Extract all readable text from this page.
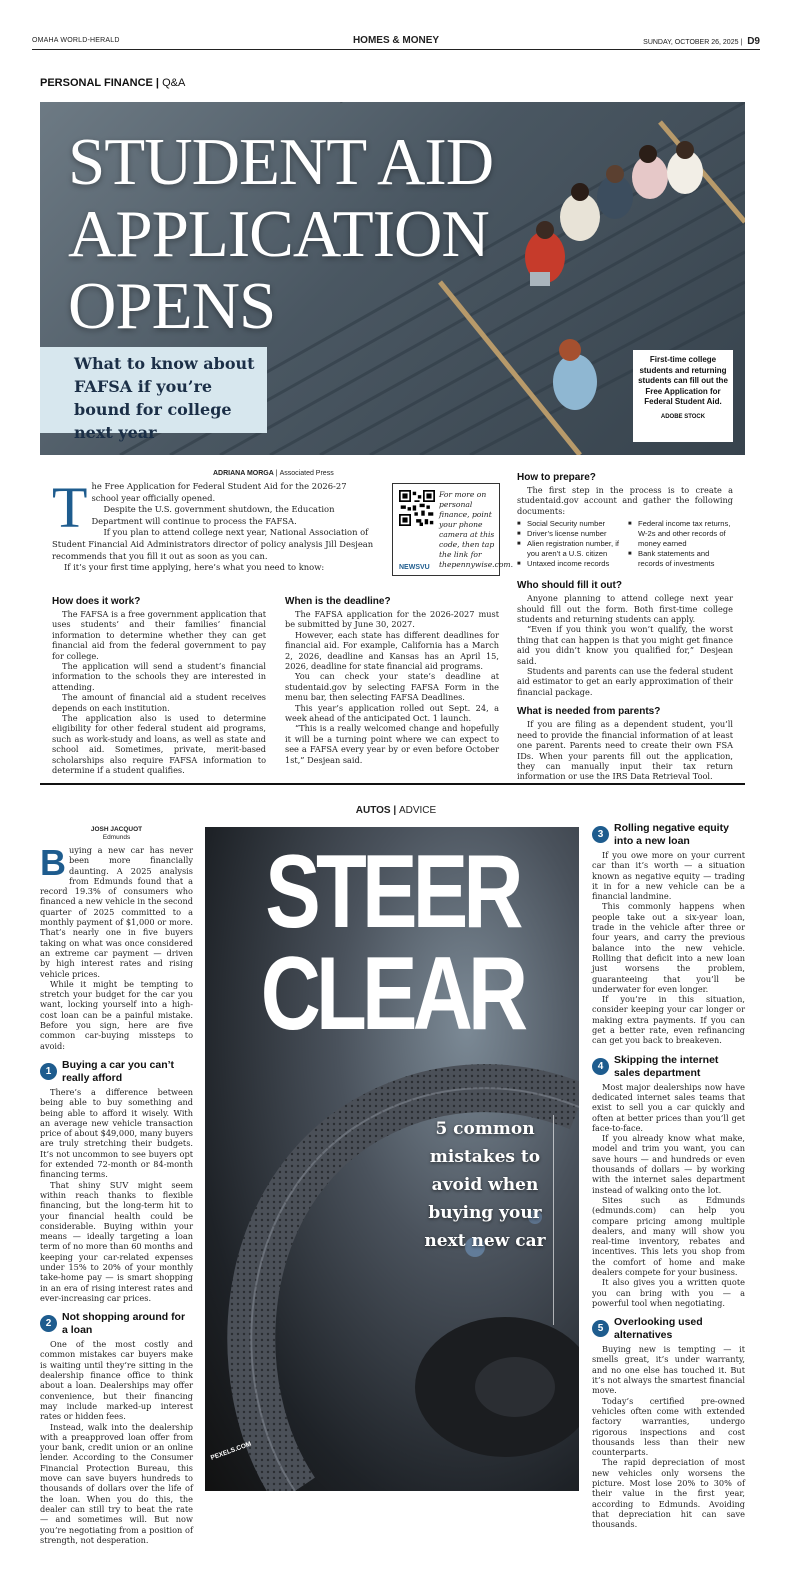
OMAHA WORLD-HERALD	HOMES & MONEY	SUNDAY, OCTOBER 26, 2025 | D9
PERSONAL FINANCE | Q&A
STUDENT AID
APPLICATION
OPENS
What to know about FAFSA if you’re bound for college next year
First-time college students and returning students can fill out the Free Application for Federal Student Aid.
ADOBE STOCK
ADRIANA MORGA | Associated Press
T he Free Application for Federal Student Aid for the 2026-27 school year officially opened.

Despite the U.S. government shutdown, the Education Department will continue to process the FAFSA.

If you plan to attend college next year, National Association of Student Financial Aid Administrators director of policy analysis Jill Desjean recommends that you fill it out as soon as you can.

If it’s your first time applying, here’s what you need to know:

For more on personal finance, point your phone camera at this code, then tap the link for thepennywise.com.
NEWSVU
How does it work?

The FAFSA is a free government application that uses students’ and their families’ financial information to determine whether they can get financial aid from the federal government to pay for college.

The application will send a student’s financial information to the schools they are interested in attending.

The amount of financial aid a student receives depends on each institution.

The application also is used to determine eligibility for other federal student aid programs, such as work-study and loans, as well as state and school aid. Sometimes, private, merit-based scholarships also require FAFSA information to determine if a student qualifies.

When is the deadline?

The FAFSA application for the 2026-2027 must be submitted by June 30, 2027.

However, each state has different deadlines for financial aid. For example, California has a March 2, 2026, deadline and Kansas has an April 15, 2026, deadline for state financial aid programs.

You can check your state’s deadline at studentaid.gov by selecting FAFSA Form in the menu bar, then selecting FAFSA Deadlines.

This year’s application rolled out Sept. 24, a week ahead of the anticipated Oct. 1 launch.

“This is a really welcomed change and hopefully it will be a turning point where we can expect to see a FAFSA every year by or even before October 1st,” Desjean said.

How to prepare?

The first step in the process is to create a studentaid.gov account and gather the following documents:

■ Social Security number
■ Driver’s license number
■ Alien registration number, if you aren’t a U.S. citizen
■ Untaxed income records
■ Federal income tax returns, W-2s and other records of money earned
■ Bank statements and records of investments
Who should fill it out?

Anyone planning to attend college next year should fill out the form. Both first-time college students and returning students can apply.

“Even if you think you won’t qualify, the worst thing that can happen is that you might get finance aid you didn’t know you qualified for,” Desjean said.

Students and parents can use the federal student aid estimator to get an early approximation of their financial package.

What is needed from parents?

If you are filing as a dependent student, you’ll need to provide the financial information of at least one parent. Parents need to create their own FSA IDs. When your parents fill out the application, they can manually input their tax return information or use the IRS Data Retrieval Tool.

AUTOS | ADVICE
JOSH JACQUOT
Edmunds
B uying a new car has never been more financially daunting. A 2025 analysis from Edmunds found that a record 19.3% of consumers who financed a new vehicle in the second quarter of 2025 committed to a monthly payment of $1,000 or more. That’s nearly one in five buyers taking on what was once considered an extreme car payment — driven by high interest rates and rising vehicle prices.

While it might be tempting to stretch your budget for the car you want, locking yourself into a high-cost loan can be a painful mistake. Before you sign, here are five common car-buying missteps to avoid:

1
Buying a car you can’t really afford

There’s a difference between being able to buy something and being able to afford it wisely. With an average new vehicle transaction price of about $49,000, many buyers are truly stretching their budgets. It’s not uncommon to see buyers opt for extended 72-month or 84-month financing terms.

That shiny SUV might seem within reach thanks to flexible financing, but the long-term hit to your financial health could be considerable. Buying within your means — ideally targeting a loan term of no more than 60 months and keeping your car-related expenses under 15% to 20% of your monthly take-home pay — is smart shopping in an era of rising interest rates and ever-increasing car prices.

2
Not shopping around for a loan

One of the most costly and common mistakes car buyers make is waiting until they’re sitting in the dealership finance office to think about a loan. Dealerships may offer convenience, but their financing may include marked-up interest rates or hidden fees.

Instead, walk into the dealership with a preapproved loan offer from your bank, credit union or an online lender. According to the Consumer Financial Protection Bureau, this move can save buyers hundreds to thousands of dollars over the life of the loan. When you do this, the dealer can still try to beat the rate — and sometimes will. But now you’re negotiating from a position of strength, not desperation.

STEER
CLEAR
5 common mistakes to avoid when buying your next new car
PEXELS.COM
3
Rolling negative equity into a new loan

If you owe more on your current car than it’s worth — a situation known as negative equity — trading it in for a new vehicle can be a financial landmine.

This commonly happens when people take out a six-year loan, trade in the vehicle after three or four years, and carry the previous balance into the new vehicle. Rolling that deficit into a new loan just worsens the problem, guaranteeing that you’ll be underwater for even longer.

If you’re in this situation, consider keeping your car longer or making extra payments. If you can get a better rate, even refinancing can get you back to breakeven.

4
Skipping the internet sales department

Most major dealerships now have dedicated internet sales teams that exist to sell you a car quickly and often at better prices than you’ll get face-to-face.

If you already know what make, model and trim you want, you can save hours — and hundreds or even thousands of dollars — by working with the internet sales department instead of walking onto the lot.

Sites such as Edmunds (edmunds.com) can help you compare pricing among multiple dealers, and many will show you real-time inventory, rebates and incentives. This lets you shop from the comfort of home and make dealers compete for your business.

It also gives you a written quote you can bring with you — a powerful tool when negotiating.

5
Overlooking used alternatives

Buying new is tempting — it smells great, it’s under warranty, and no one else has touched it. But it’s not always the smartest financial move.

Today’s certified pre-owned vehicles often come with extended factory warranties, undergo rigorous inspections and cost thousands less than their new counterparts.

The rapid depreciation of most new vehicles only worsens the picture. Most lose 20% to 30% of their value in the first year, according to Edmunds. Avoiding that depreciation hit can save thousands.
